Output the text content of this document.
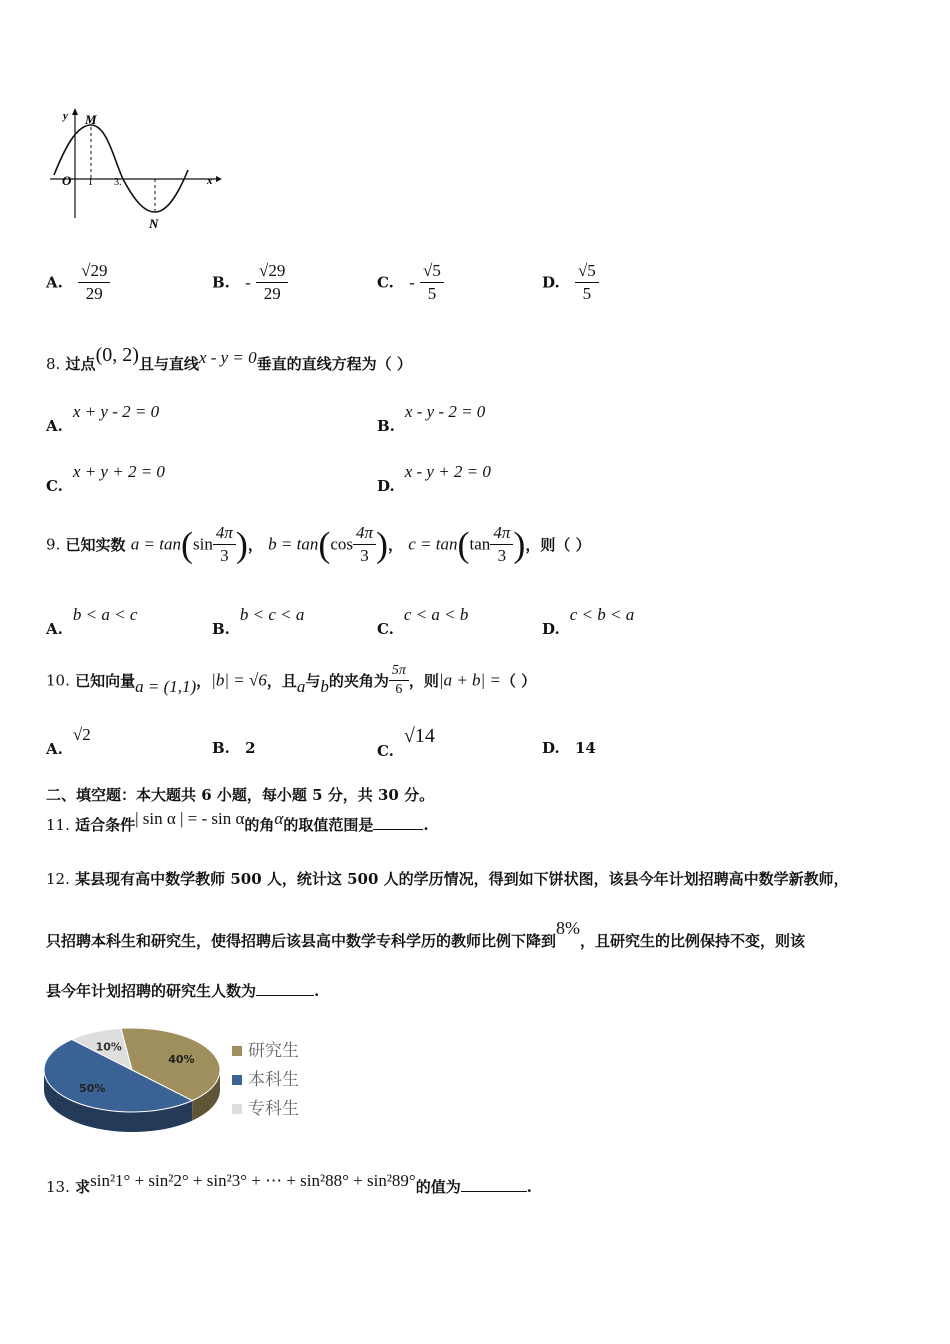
y M
O 1 3.	x
N
A. $\frac{√29}{29}$	B. - $\frac{√29}{29}$	C. - $\frac{√5}{5}$	D. $\frac{√5}{5}$
8. 过点(0, 2)且与直线x - y = 0垂直的直线方程为（ ）
A.x + y - 2 = 0
B.x - y - 2 = 0
C.x + y + 2 = 0
D.x - y + 2 = 0
9. 已知实数 $a = \tan(\sin \frac{4\pi}{3}$ )， $b = \tan(\cos \frac{4\pi}{3}$ )， $c = \tan(\tan \frac{4\pi}{3}$ )，则（ ）
A.b < a < c
B.b < c < a
C.c < a < b
D.c < b < a
10. 已知向量a = (1,1)，|b| = √6，且a与b的夹角为 $\frac{5\pi}{6}$ ，则|a + b| =（ ）
A.√2
B. 2	C.√14
D. 14
二、填空题：本大题共 6 小题，每小题 5 分，共 30 分。
11. 适合条件| sin α | = - sin α的角α的取值范围是	.
12. 某县现有高中数学教师 500 人，统计这 500 人的学历情况，得到如下饼状图，该县今年计划招聘高中数学新教师，
只招聘本科生和研究生，使得招聘后该县高中数学专科学历的教师比例下降到8%，且研究生的比例保持不变，则该
县今年计划招聘的研究生人数为	.
40%
50%
10%	研究生
本科生
专科生
13. 求sin²1° + sin²2° + sin²3° + ⋯ + sin²88° + sin²89°的值为	.
